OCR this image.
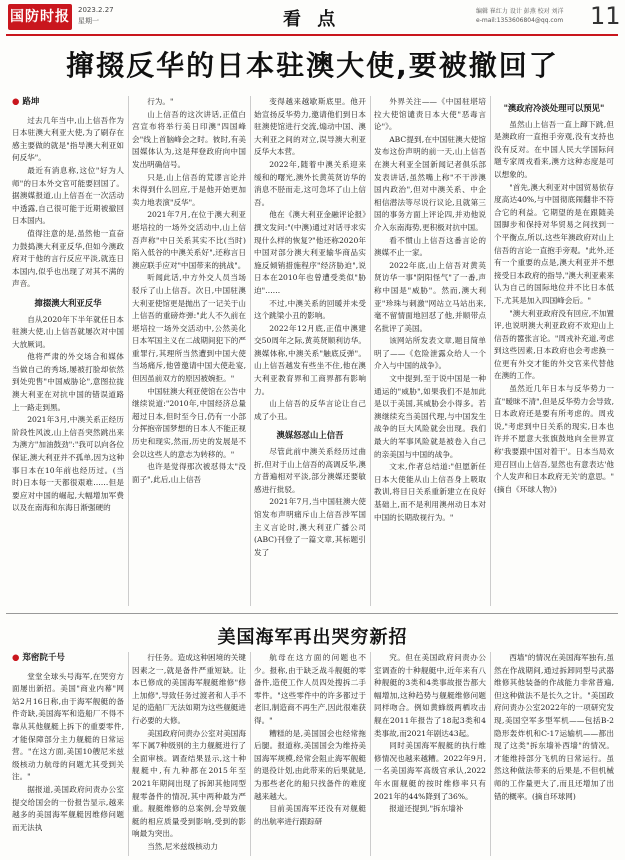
国防时报 2023.2.27
星期一	看 点	编辑 崔红力 设计 彭燕 校对 刘洋
e-mail:1353606804@qq.com	11
撺掇反华的日本驻澳大使,要被撤回了
● 路坤

过去几年当中,山上信吾作为日本驻澳大利亚大使,为了刷存在感主要做的就是"指导澳大利亚如何反华"。

最近有消息称,这位"好为人师"的日本外交官可能要回国了。据澳媒报道,山上信吾在一次活动中透露,自己很可能于近期被撤回日本国内。

值得注意的是,虽然他一直奋力鼓捣澳大利亚反华,但如今澳政府对于他的言行反应平淡,就连日本国内,似乎也出现了对其不满的声音。

撺掇澳大利亚反华

自从2020年下半年就任日本驻澳大使,山上信吾就屡次对中国大放厥词。

他将严肃的外交场合和媒体当做自己的秀场,屡被打脸却依然到处兜售"中国威胁论",意图拉拢澳大利亚在对抗中国的错误道路上一路走到黑。

2021年3月,中澳关系正经历阶段性风波,山上信吾突然跳出来为澳方"加油鼓劲":"我可以向各位保证,澳大利亚并不孤单,因为这种事日本在10年前也经历过。(当时)日本每一天都很艰难……但是要应对中国的崛起,大幅增加军费以及在南海和东海日渐强硬的

行为。"

山上信吾的这次讲话,正值白宫宣布将举行美日印澳"四国峰会"线上首脑峰会之时。彼时,有美国媒体认为,这是拜登政府向中国发出明确信号。

只是,山上信吾的荒谬言论并未得到什么回应,于是他开始更加卖力地表演"反华"。

2021年7月,在位于澳大利亚堪培拉的一场外交活动中,山上信吾声称"中日关系其实不比(当时)陷入低谷的中澳关系好",还称言日澳应联手应对"中国带来的挑战"。

听闻此话,中方外交人员当场驳斥了山上信吾。次日,中国驻澳大利亚使馆更是抛出了一记关于山上信吾的重磅炸弹:"此人不久前在堪培拉一场外交活动中,公然美化日本军国主义在二战期间犯下的严重罪行,其理所当然遭到中国大使当场痛斥,他曾邀请中国大使赴宴,但因虽前双方的原因被婉拒。"

中国驻澳大利亚使馆在公告中继续说道:"2010年,中国经济总量超过日本,但时至今日,仍有一小部分挥抱帝国梦想的日本人不能正视历史和现实,然而,历史的发展是不会以这些人的意志为转移的。"

也许是觉得那次被怼得太"没面子",此后,山上信吾

变得越来越歇斯底里。他开始宣扬反华势力,邀请他们到日本驻澳使馆进行交流,煽动中国、澳大利亚之间的对立,误导澳大利亚反华大本营。

2022年,随着中澳关系迎来缓和的曙光,澳外长黄英贤访华的消息不胫而走,这可急坏了山上信吾。

他在《澳大利亚金融评论报》撰文发问:"(中澳)通过对话寻求实现什么样的恢复?"他还称2020年中国对部分澳大利亚输华商品实施反倾销措施程序"经济胁迫",说日本在2010年也曾遭受类似"胁迫"……

不过,中澳关系的回暖并未受这个跳梁小丑的影响。

2022年12月底,正值中澳建交50周年之际,黄英贤顺利访华。澳媒体称,中澳关系"触底反弹"。山上信吾越发有些坐不住,他在澳大利亚教育界和工商界都有影响力。

山上信吾的反华言论让自己成了小丑。

澳媒怒怼山上信吾

尽管此前中澳关系经历过曲折,但对于山上信吾的高调反华,澳方普遍相对平淡,部分澳媒还要敏感进行批驳。

2021年7月,当中国驻澳大使馆发布声明痛斥山上信吾涉军国主义言论时,澳大利亚广播公司(ABC)刊登了一篇文章,其标题引发了

外界关注——《中国驻堪培拉大使馆谴责日本大使"恶毒言论"》。

ABC提到,在中国驻澳大使馆发布这份声明的前一天,山上信吾在澳大利亚全国新闻记者俱乐部发表讲话,虽然嘴上称"不干涉澳国内政治",但对中澳关系、中企相信潜法等尽说行议论,且就第三国的事务方面上评论四,并劝他说介入东南海势,更积极对抗中国。

看不惯山上信吾这番言论的澳媒不止一家。

2022年底,山上信吾对黄英贤访华一事"阴阳怪气"了一番,声称中国是"威胁"。然而,澳大利亚"珍珠与刺激"网站立马站出来,毫不留情面地回怼了他,并顺带点名批评了美国。

该网站所发表文章,题目简单明了——《危险泄露众给人一个介入与中国的战争》。

文中提到,至于说中国是一种通运的"威胁",如果我们不是加此是以于美国,其威胁会小得多。若澳继续充当美国代理,与中国发生战争的巨大风险就会出现。我们最大的军事风险就是被卷入自己的亲美国与中国的战争。

文末,作者总结道:"但愿新任日本大使能从山上信吾身上吸取教训,将目日关系重新建立在良好基础上,而不是利用澳州动日本对中国的长期敌视行为。"

"澳政府冷淡处理可以预见"

虽然山上信吾一直上蹿下跳,但是澳政府一直抱手旁观,没有支持也没有反对。在中国人民大学国际问题专家周戎看来,澳方这种态度是可以想象的。

"首先,澳大利亚对中国贸易依存度高达40%,与中国彻底闹翻非不符合它的利益。它期望的是在跟随美国脚步和保持对华贸易之间找到一个平衡点,所以,这些年澳政府对山上信吾的言论一直抱手旁观。"此外,还有一个重要的点是,澳大利亚并不想接受日本政府的指导,"澳大利亚素来认为自己的国际地位并不比日本低下,尤其是加入四国峰会后。"

"澳大利亚政府没有回应,不加置评,也说明澳大利亚政府不欢迎山上信吾的嚣张言论。"周戎补充道,考虑到这些因素,日本政府也会考虑换一位更有外交才能的外交官来代替他在澳的工作。

虽然近几年日本与反华势力一直"暧昧不清",但是反华势力会导致,日本政府还是要有所考虑的。周戎说,"考虑到中日关系的现实,日本也许并不愿意大张旗鼓地向全世界宣称'我要跟中国对着干'。日本当局欢迎召回山上信吾,显然也有意表达'他个人发声和日本政府无关'的意思。"(摘自《环球人物》)

美国海军再出哭穷新招
● 郑密院千号

堂堂全球头号海军,在哭穷方面屡出新招。美国"商业内幕"网站2月16日称,由于海军舰艇的备件奇缺,美国海军和造船厂不得不靠从其他舰艇上拆下的重要零件,才能保障部分主力舰艇的日常运营。"在这方面,美国10艘尼米兹级核动力航母的问题尤其受到关注。"

据报道,美国政府问责办公室提交给国会的一份报告显示,越来越多的美国海军舰艇因维修问题而无法执

行任务。造成这种困境的关键因素之一,就是备件严重短缺。让本已修成的美国海军舰艇维修"修上加修",导致任务过渡者和人手不足的造船厂无法如期为这些舰艇进行必要的大修。

美国政府问责办公室对美国海军下属7种级别的主力舰艇进行了全面审核。调查结果显示,这十种舰艇中,有九种都在2015年至2021年期间出现了拆卸其他同型舰零备件的情况,其中两种最为严重。舰艇维修的总案例,会导致舰艇的相应质量受到影响,受到的影响最为突出。

当然,尼米兹级核动力

航母在这方面的问题也不少。报称,由于缺乏战斗舰艇的零备件,造使工作人员四处搜拆二手零件。"这些零件中的许多都过于老旧,制造商不再生产,因此很难获得。"

糟糕的是,美国国会也经常拖后腿。报道称,美国国会为维持美国海军规模,经常会阻止海军舰艇的退役计划,由此带来的后果就是,为那些老化的船只找备件的难度越来越大。

目前美国海军还没有对舰艇的出航率进行跟踪研

究。但在美国政府问责办公室调查的十种舰艇中,近年来有八种舰艇的3类和4类事故报告都大幅增加,这种趋势与舰艇维修问题同样吻合。例如黄蜂级两栖攻击舰在2011年报告了18起3类和4类事故,而2021年剧达43起。

同时美国海军舰艇的执行维修情况也越来越糟。2022年9月,一名美国海军高级官承认,2022年水面舰艇的按时维修率只有2021年的44%降到了36%。

报道还提到,"拆东墙补

西墙"的情况在美国海军独有,虽然在作战期间,通过拆卸同型号武器维修其他装备的作战能力非常普遍,但这种做法不是长久之计。"美国政府问责办公室2022年的一项研究发现,美国空军多型军机——包括B-2隐形轰炸机和C-17运输机——都出现了这类"拆东墙补西墙"的情况。才能维持部分飞机的日常运行。虽然这种做法带来的后果是,不但机械师的工作量更大了,而且还增加了出错的概率。(摘自环球网)
